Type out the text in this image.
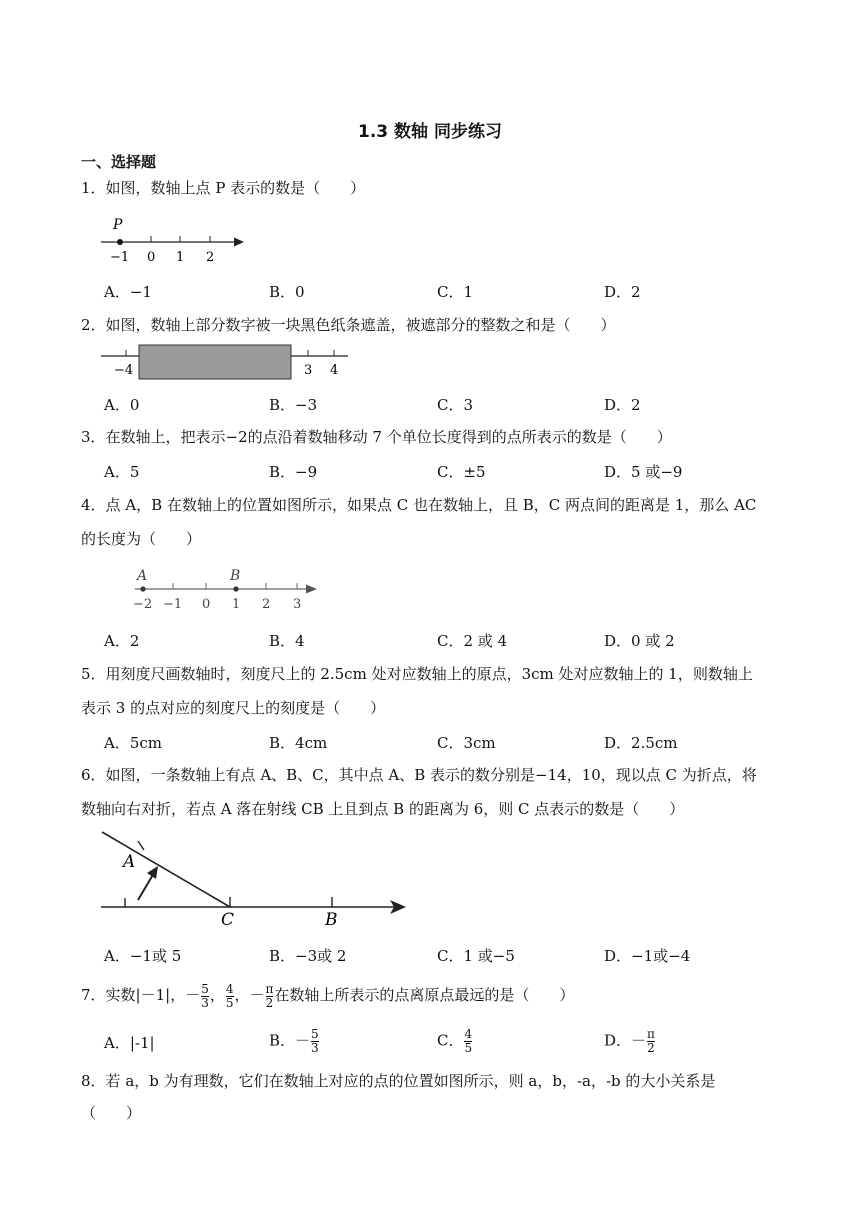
1.3 数轴 同步练习
一、选择题
1．如图，数轴上点 P 表示的数是（　　）
P
−1 0 1 2
A．−1	B．0	C．1	D．2
2．如图，数轴上部分数字被一块黑色纸条遮盖，被遮部分的整数之和是（　　）
−4	3 4
A．0	B．−3	C．3	D．2
3．在数轴上，把表示−2的点沿着数轴移动 7 个单位长度得到的点所表示的数是（　　）
A．5	B．−9	C．±5	D．5 或−9
4．点 A，B 在数轴上的位置如图所示，如果点 C 也在数轴上，且 B，C 两点间的距离是 1，那么 AC
的长度为（　　）
A	B
−2 −1 0 1 2 3
A．2	B．4	C．2 或 4	D．0 或 2
5．用刻度尺画数轴时，刻度尺上的 2.5cm 处对应数轴上的原点，3cm 处对应数轴上的 1，则数轴上
表示 3 的点对应的刻度尺上的刻度是（　　）
A．5cm	B．4cm	C．3cm	D．2.5cm
6．如图，一条数轴上有点 A、B、C，其中点 A、B 表示的数分别是−14，10，现以点 C 为折点，将
数轴向右对折，若点 A 落在射线 CB 上且到点 B 的距离为 6，则 C 点表示的数是（　　）
A
C	B
A．−1或 5	B．−3或 2	C．1 或−5	D．−1或−4
7．实数|－1|，－ $\frac{5}{3}$ ， $\frac{4}{5}$ ，－ $\frac{\pi}{2}$ 在数轴上所表示的点离原点最远的是（　　）
A．|-1|	B．－ $\frac{5}{3}$	C． $\frac{4}{5}$	D．－ $\frac{\pi}{2}$
8．若 a，b 为有理数，它们在数轴上对应的点的位置如图所示，则 a，b，-a，-b 的大小关系是
（　　）
